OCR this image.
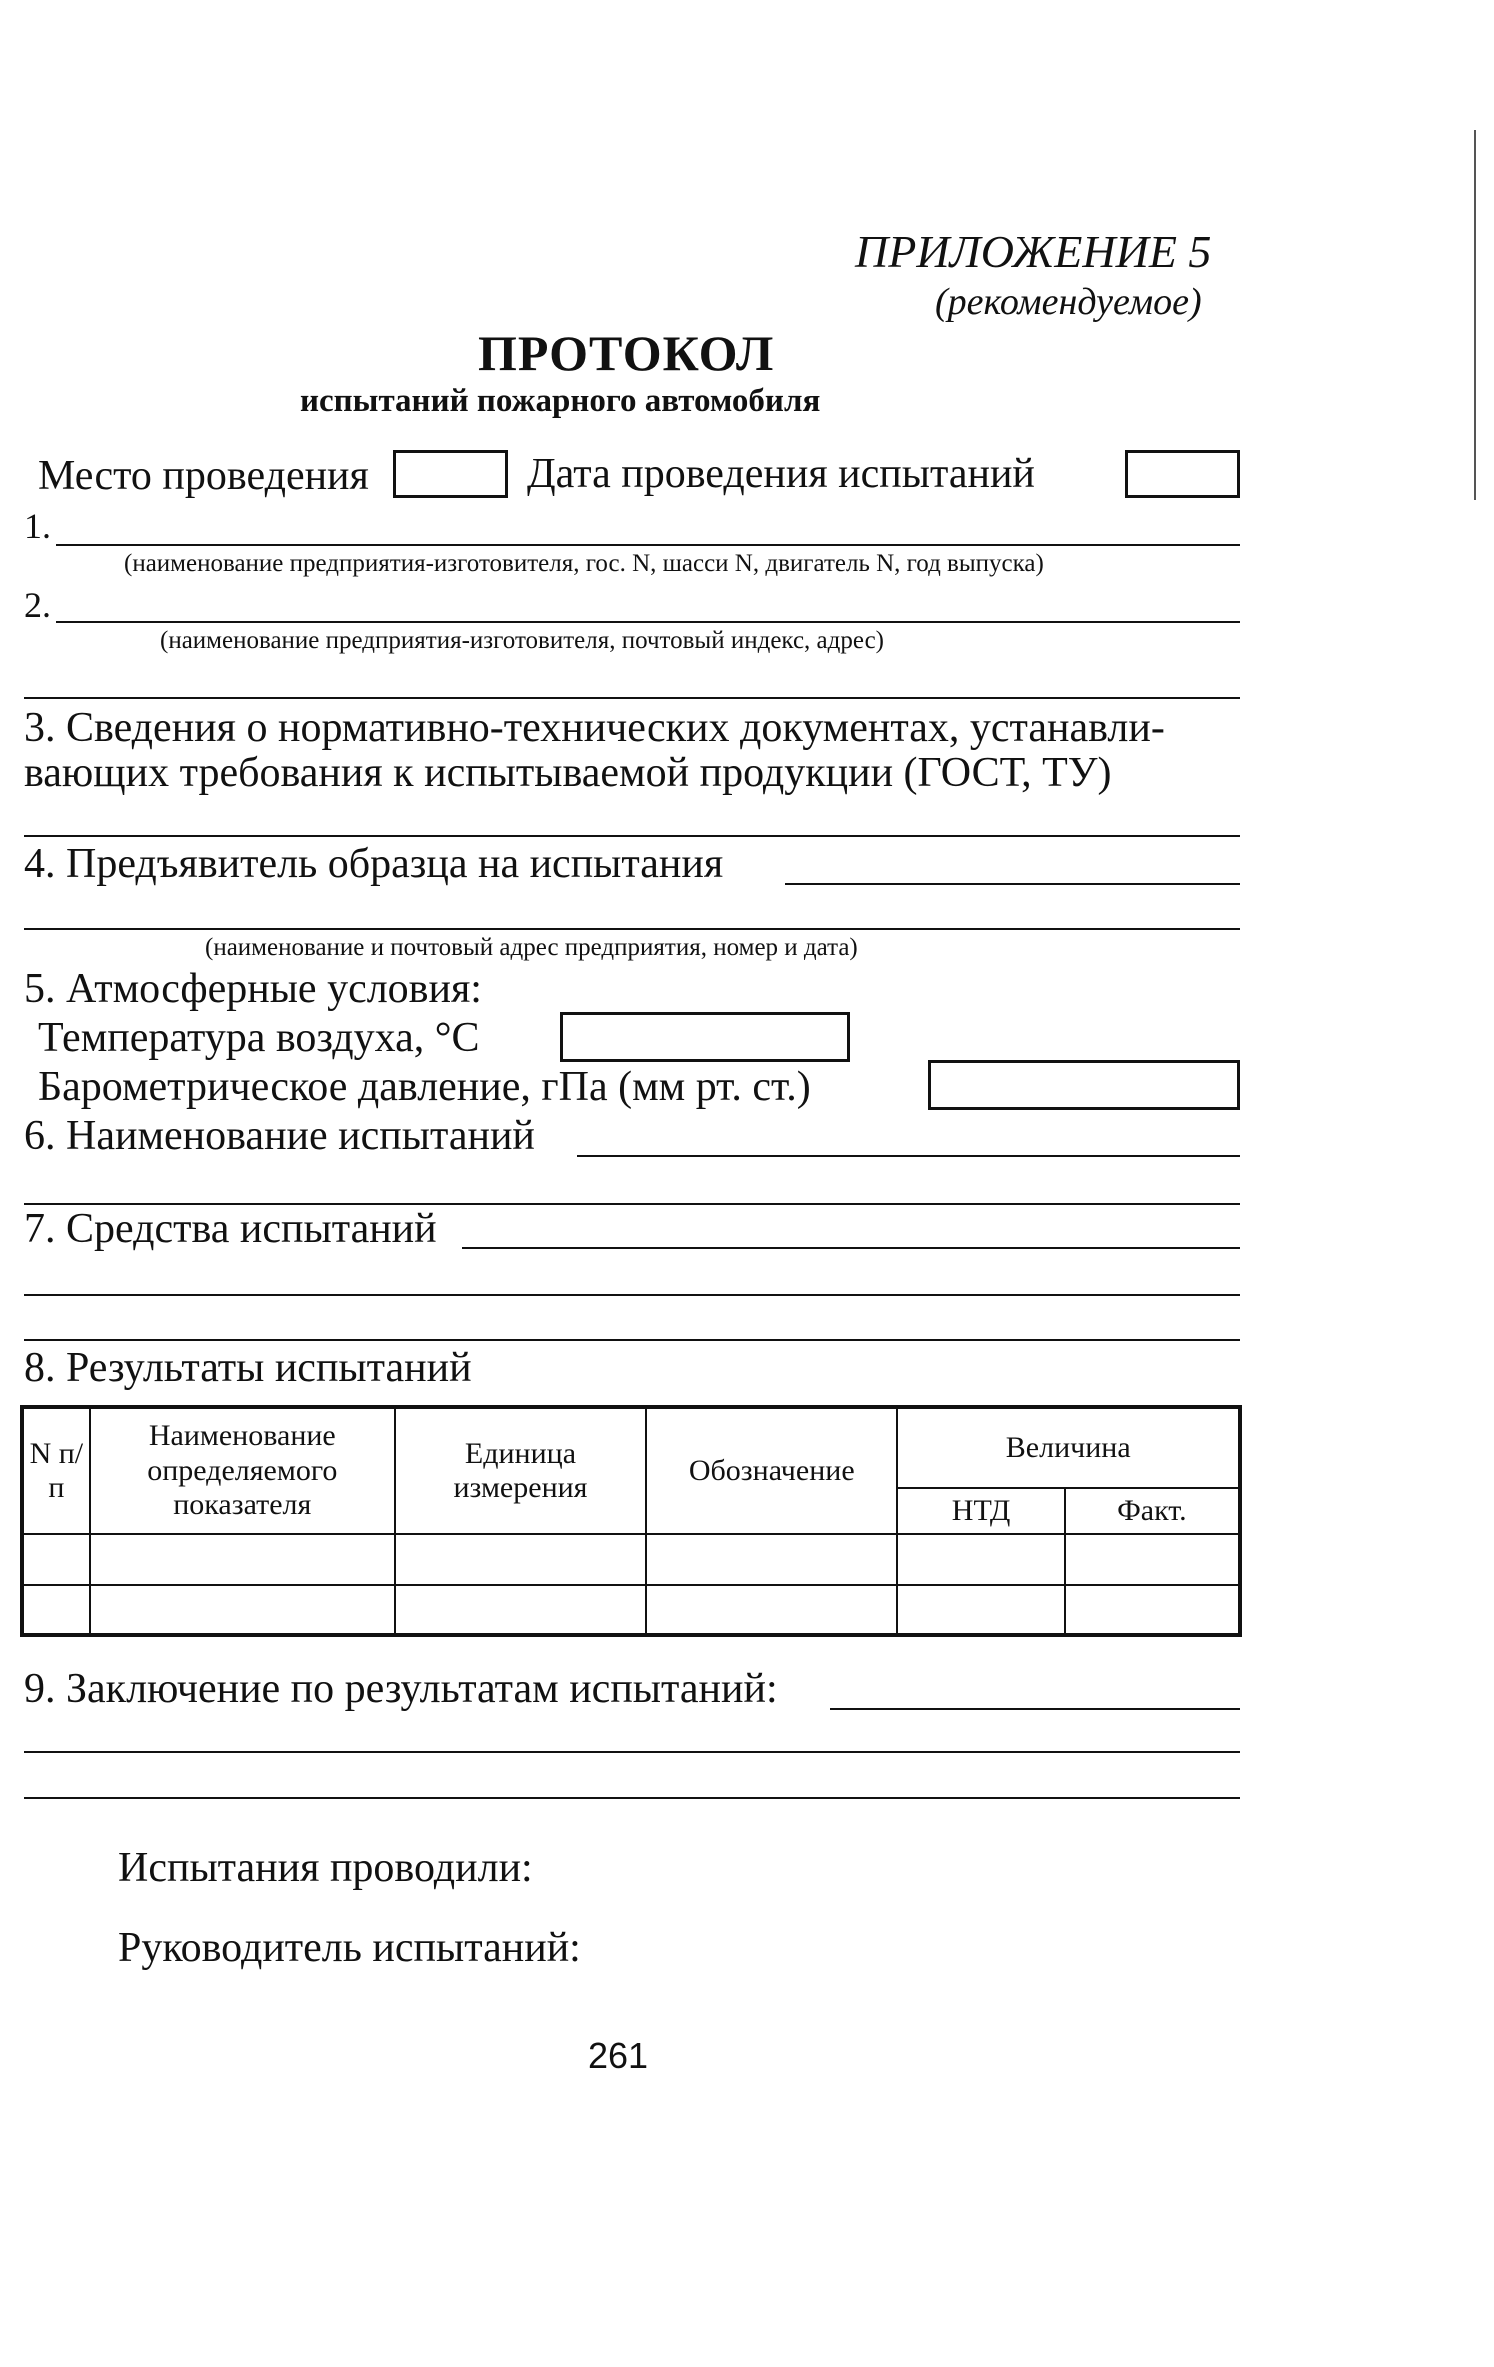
ПРИЛОЖЕНИЕ 5
(рекомендуемое)
ПРОТОКОЛ
испытаний пожарного автомобиля
Место проведения	Дата проведения испытаний
1.
(наименование предприятия-изготовителя, гос. N, шасси N, двигатель N, год выпуска)
2.
(наименование предприятия-изготовителя, почтовый индекс, адрес)
3. Сведения о нормативно-технических документах, устанавли-
вающих требования к испытываемой продукции (ГОСТ, ТУ)
4. Предъявитель образца на испытания
(наименование и почтовый адрес предприятия, номер и дата)
5. Атмосферные условия:
Температура воздуха, °С
Барометрическое давление, гПа (мм рт. ст.)
6. Наименование испытаний
7. Средства испытаний
8. Результаты испытаний
N п/п	Наименование определяемого показателя	Единица измерения	Обозначение	Величина	
				НТД	Факт.

9. Заключение по результатам испытаний:
Испытания проводили:
Руководитель испытаний:
261
